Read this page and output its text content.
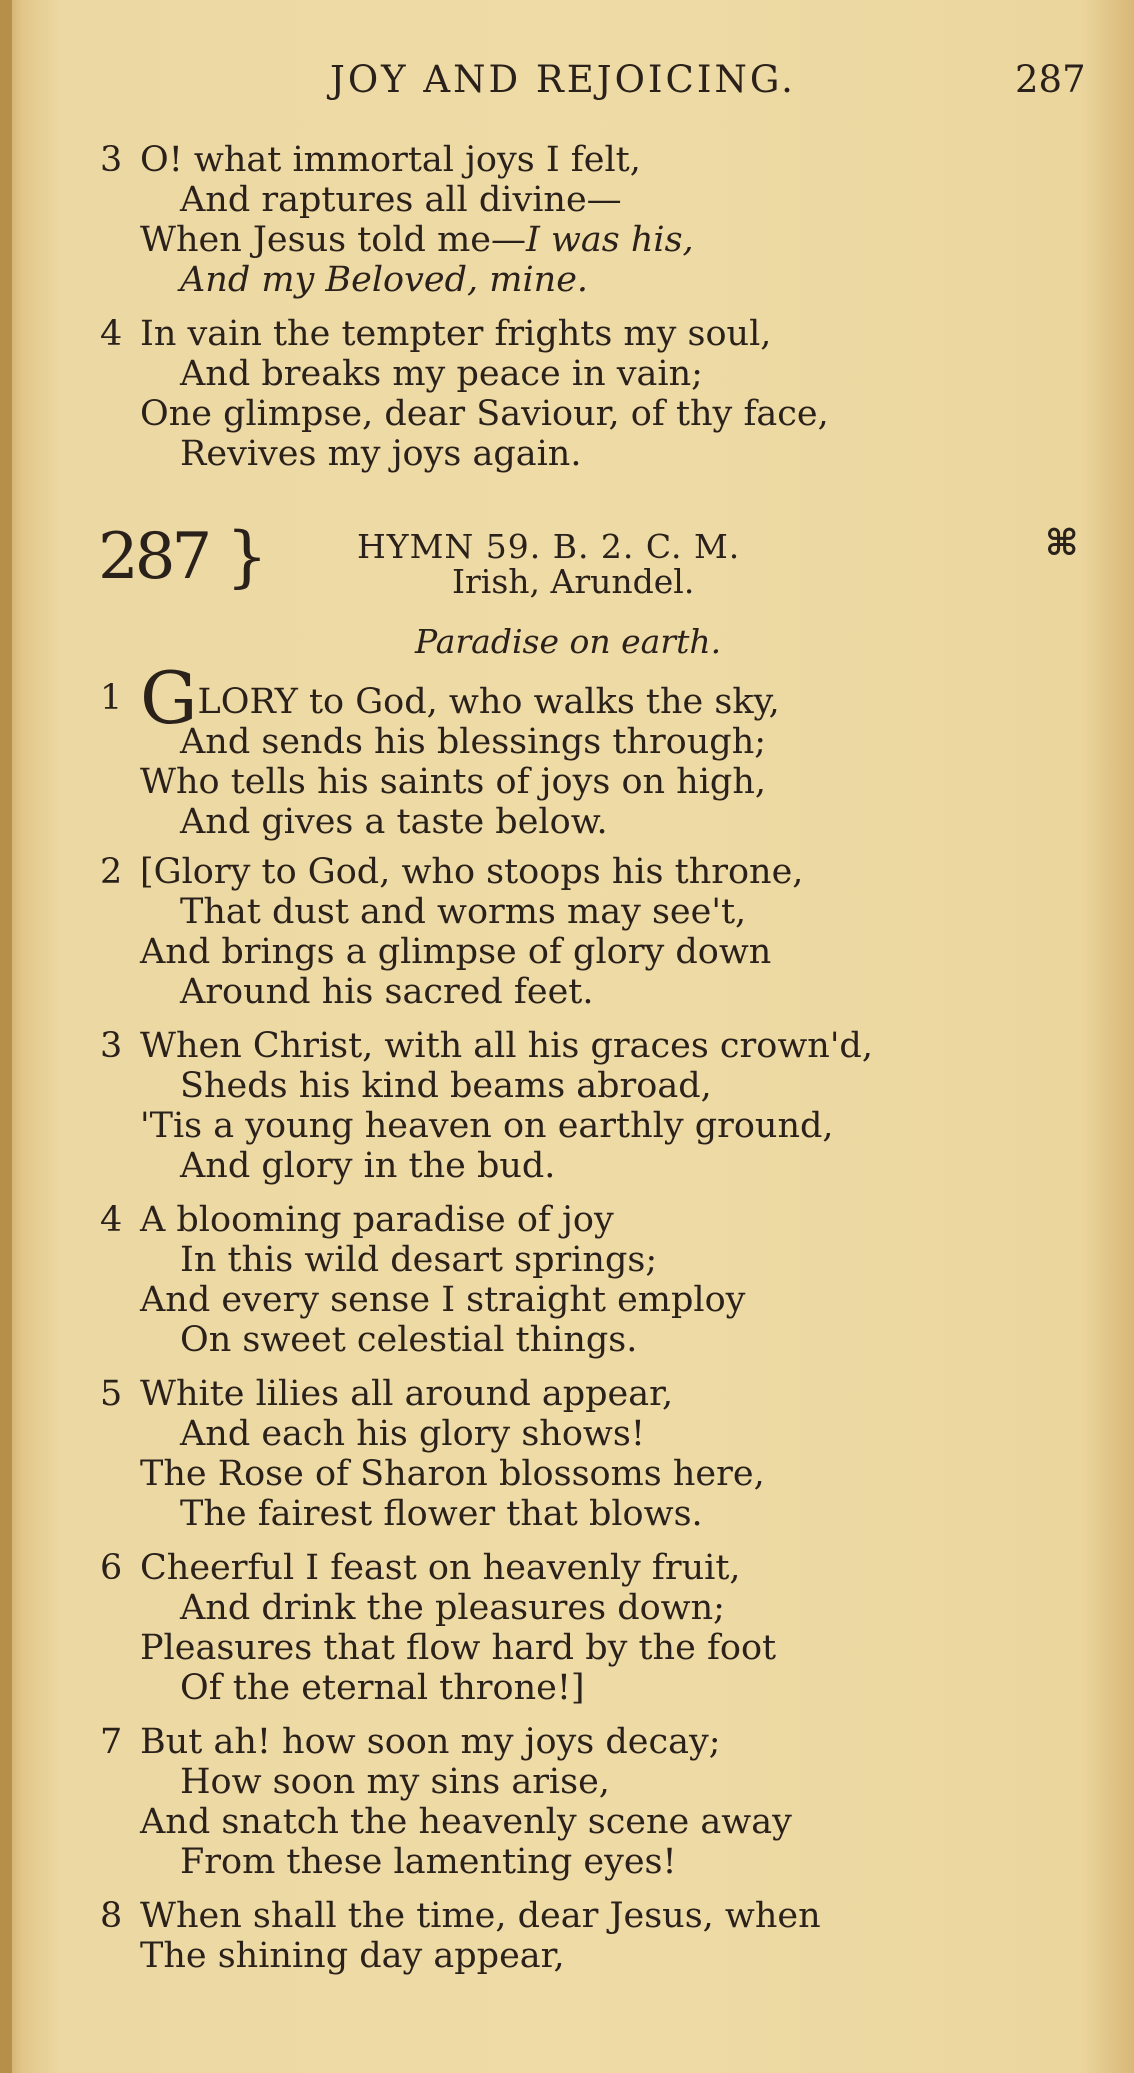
JOY AND REJOICING.	287
3 O! what immortal joys I felt,
And raptures all divine—
When Jesus told me—I was his,
And my Beloved, mine.
4 In vain the tempter frights my soul,
And breaks my peace in vain;
One glimpse, dear Saviour, of thy face,
Revives my joys again.
287 }	HYMN 59. B. 2. C. M.
Irish, Arundel.
⌘
Paradise on earth.
1 GLORY to God, who walks the sky,
And sends his blessings through;
Who tells his saints of joys on high,
And gives a taste below.
2 [Glory to God, who stoops his throne,
That dust and worms may see't,
And brings a glimpse of glory down
Around his sacred feet.
3 When Christ, with all his graces crown'd,
Sheds his kind beams abroad,
'Tis a young heaven on earthly ground,
And glory in the bud.
4 A blooming paradise of joy
In this wild desart springs;
And every sense I straight employ
On sweet celestial things.
5 White lilies all around appear,
And each his glory shows!
The Rose of Sharon blossoms here,
The fairest flower that blows.
6 Cheerful I feast on heavenly fruit,
And drink the pleasures down;
Pleasures that flow hard by the foot
Of the eternal throne!]
7 But ah! how soon my joys decay;
How soon my sins arise,
And snatch the heavenly scene away
From these lamenting eyes!
8 When shall the time, dear Jesus, when
The shining day appear,
